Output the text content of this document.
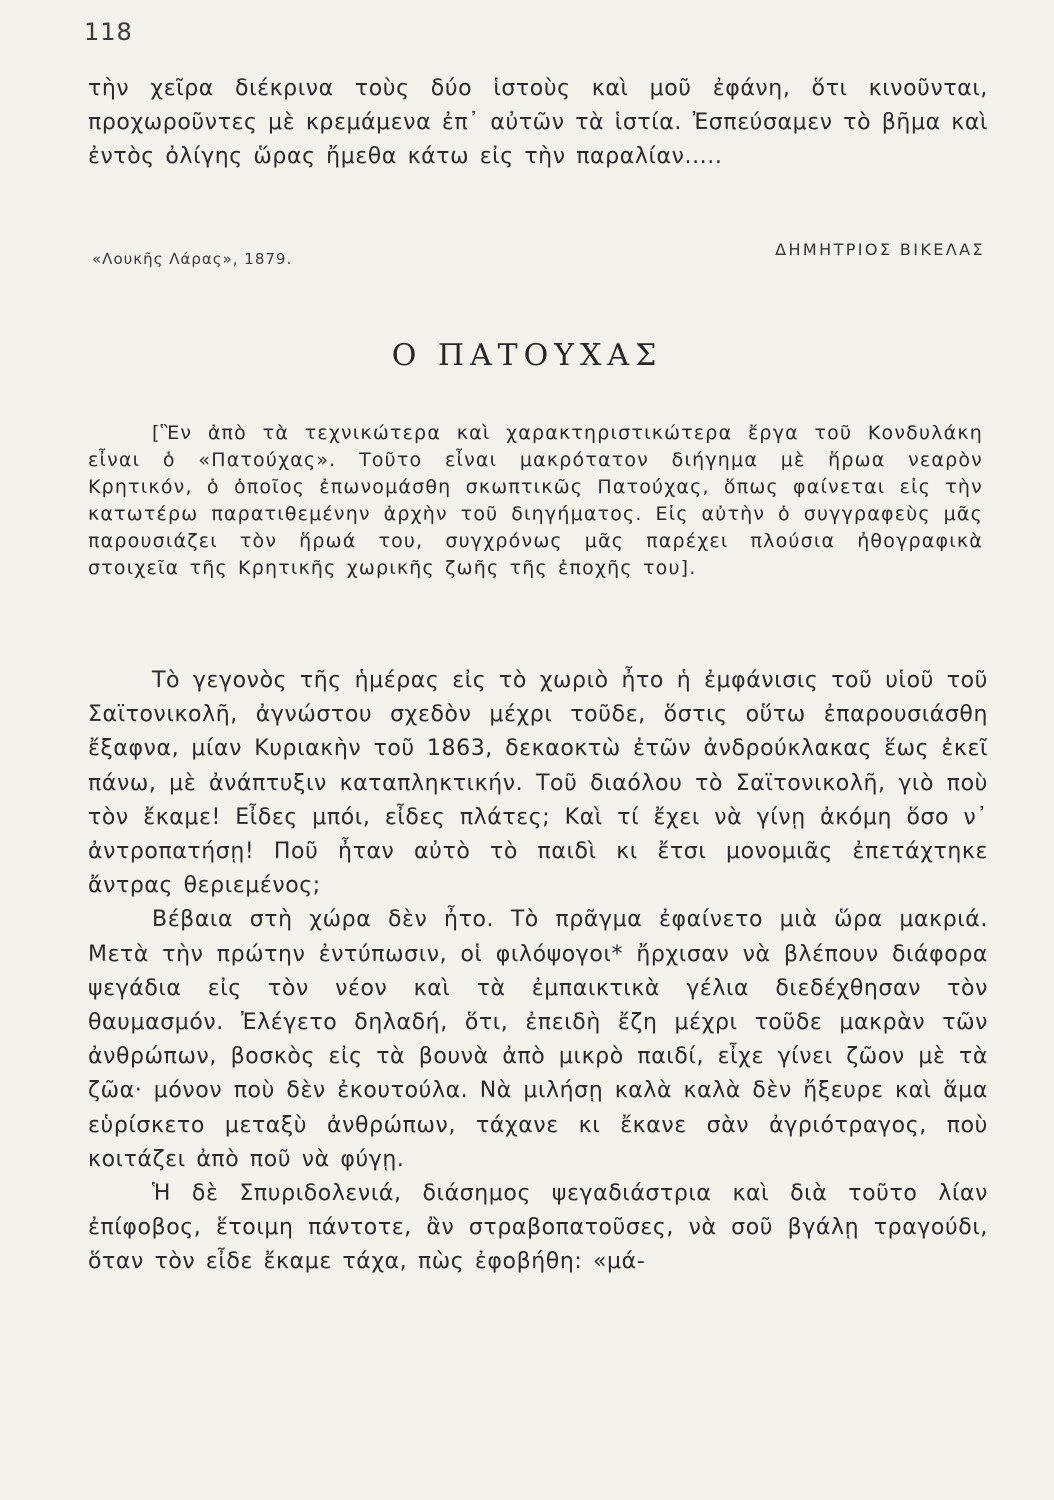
118

τὴν χεῖρα διέκρινα τοὺς δύο ἱστοὺς καὶ μοῦ ἐφάνη, ὅτι κινοῦνται, προχωροῦντες μὲ κρεμάμενα ἐπ᾽ αὐτῶν τὰ ἱστία. Ἐσπεύσαμεν τὸ βῆμα καὶ ἐντὸς ὀλίγης ὥρας ἤμεθα κάτω εἰς τὴν παραλίαν.....

ΔΗΜΗΤΡΙΟΣ ΒΙΚΕΛΑΣ
«Λουκῆς Λάρας», 1879.
Ο ΠΑΤΟΥΧΑΣ

[Ἓν ἀπὸ τὰ τεχνικώτερα καὶ χαρακτηριστικώτερα ἔργα τοῦ Κονδυλάκη εἶναι ὁ «Πατούχας». Τοῦτο εἶναι μακρότατον διήγημα μὲ ἥρωα νεαρὸν Κρητικόν, ὁ ὁποῖος ἐπωνομάσθη σκωπτικῶς Πατούχας, ὅπως φαίνεται εἰς τὴν κατωτέρω παρατιθεμένην ἀρχὴν τοῦ διηγήματος. Εἰς αὐτὴν ὁ συγγραφεὺς μᾶς παρουσιάζει τὸν ἥρωά του, συγχρόνως μᾶς παρέχει πλούσια ἠθογραφικὰ στοιχεῖα τῆς Κρητικῆς χωρικῆς ζωῆς τῆς ἐποχῆς του].

Τὸ γεγονὸς τῆς ἡμέρας εἰς τὸ χωριὸ ἦτο ἡ ἐμφάνισις τοῦ υἱοῦ τοῦ Σαϊτονικολῆ, ἀγνώστου σχεδὸν μέχρι τοῦδε, ὅστις οὕτω ἐπαρουσιάσθη ἔξαφνα, μίαν Κυριακὴν τοῦ 1863, δεκαοκτὼ ἐτῶν ἀνδρούκλακας ἕως ἐκεῖ πάνω, μὲ ἀνάπτυξιν καταπληκτικήν. Τοῦ διαόλου τὸ Σαϊτονικολῆ, γιὸ ποὺ τὸν ἔκαμε! Εἶδες μπόι, εἶδες πλάτες; Καὶ τί ἔχει νὰ γίνῃ ἀκόμη ὅσο ν᾽ ἀντροπατήσῃ! Ποῦ ἦταν αὐτὸ τὸ παιδὶ κι ἔτσι μονομιᾶς ἐπετάχτηκε ἄντρας θεριεμένος;

Βέβαια στὴ χώρα δὲν ἦτο. Τὸ πρᾶγμα ἐφαίνετο μιὰ ὥρα μακριά. Μετὰ τὴν πρώτην ἐντύπωσιν, οἱ φιλόψογοι* ἤρχισαν νὰ βλέπουν διάφορα ψεγάδια εἰς τὸν νέον καὶ τὰ ἐμπαικτικὰ γέλια διεδέχθησαν τὸν θαυμασμόν. Ἐλέγετο δηλαδή, ὅτι, ἐπειδὴ ἔζη μέχρι τοῦδε μακρὰν τῶν ἀνθρώπων, βοσκὸς εἰς τὰ βουνὰ ἀπὸ μικρὸ παιδί, εἶχε γίνει ζῶον μὲ τὰ ζῶα· μόνον ποὺ δὲν ἐκουτούλα. Νὰ μιλήσῃ καλὰ καλὰ δὲν ἤξευρε καὶ ἅμα εὑρίσκετο μεταξὺ ἀνθρώπων, τάχανε κι ἔκανε σὰν ἀγριότραγος, ποὺ κοιτάζει ἀπὸ ποῦ νὰ φύγῃ.

Ἡ δὲ Σπυριδολενιά, διάσημος ψεγαδιάστρια καὶ διὰ τοῦτο λίαν ἐπίφοβος, ἕτοιμη πάντοτε, ἂν στραβοπατοῦσες, νὰ σοῦ βγάλῃ τραγούδι, ὅταν τὸν εἶδε ἔκαμε τάχα, πὼς ἐφοβήθη: «μά-
